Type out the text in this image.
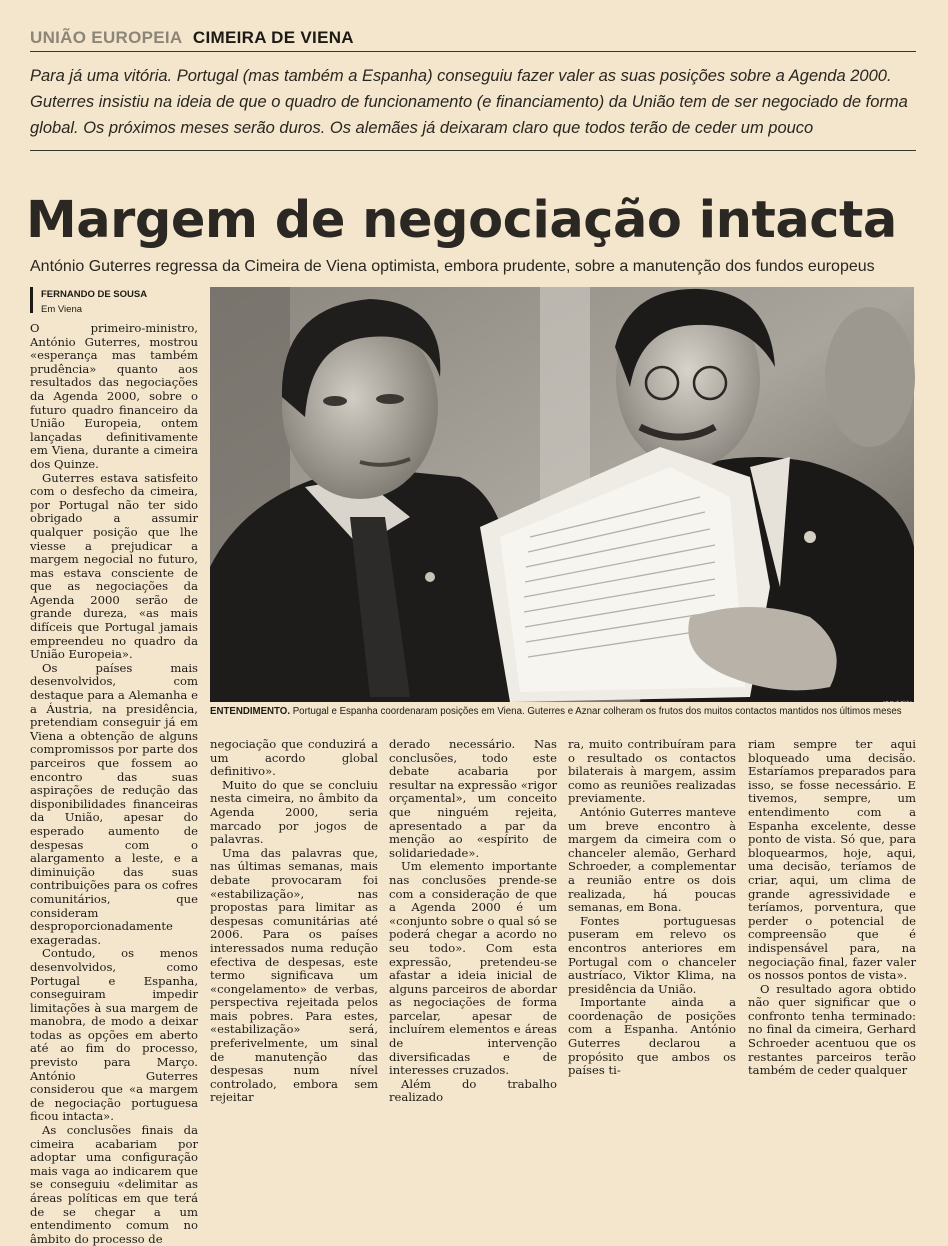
UNIÃO EUROPEIA CIMEIRA DE VIENA
Para já uma vitória. Portugal (mas também a Espanha) conseguiu fazer valer as suas posições sobre a Agenda 2000. Guterres insistiu na ideia de que o quadro de funcionamento (e financiamento) da União tem de ser negociado de forma global. Os próximos meses serão duros. Os alemães já deixaram claro que todos terão de ceder um pouco
Margem de negociação intacta
António Guterres regressa da Cimeira de Viena optimista, embora prudente, sobre a manutenção dos fundos europeus
FERNANDO DE SOUSA
Em Viena

O primeiro-ministro, António Guterres, mostrou «esperança mas também prudência» quanto aos resultados das negociações da Agenda 2000, sobre o futuro quadro financeiro da União Europeia, ontem lançadas definitivamente em Viena, durante a cimeira dos Quinze.

Guterres estava satisfeito com o desfecho da cimeira, por Portugal não ter sido obrigado a assumir qualquer posição que lhe viesse a prejudicar a margem negocial no futuro, mas estava consciente de que as negociações da Agenda 2000 serão de grande dureza, «as mais difíceis que Portugal jamais empreendeu no quadro da União Europeia».

Os países mais desenvolvidos, com destaque para a Alemanha e a Áustria, na presidência, pretendiam conseguir já em Viena a obtenção de alguns compromissos por parte dos parceiros que fossem ao encontro das suas aspirações de redução das disponibilidades financeiras da União, apesar do esperado aumento de despesas com o alargamento a leste, e a diminuição das suas contribuições para os cofres comunitários, que consideram desproporcionadamente exageradas.

Contudo, os menos desenvolvidos, como Portugal e Espanha, conseguiram impedir limitações à sua margem de manobra, de modo a deixar todas as opções em aberto até ao fim do processo, previsto para Março. António Guterres considerou que «a margem de negociação portuguesa ficou intacta».

As conclusões finais da cimeira acabariam por adoptar uma configuração mais vaga ao indicarem que se conseguiu «delimitar as áreas políticas em que terá de se chegar a um entendimento comum no âmbito do processo de

AP-Rudi Blaha
ENTENDIMENTO. Portugal e Espanha coordenaram posições em Viena. Guterres e Aznar colheram os frutos dos muitos contactos mantidos nos últimos meses

negociação que conduzirá a um acordo global definitivo».

Muito do que se concluiu nesta cimeira, no âmbito da Agenda 2000, seria marcado por jogos de palavras.

Uma das palavras que, nas últimas semanas, mais debate provocaram foi «estabilização», nas propostas para limitar as despesas comunitárias até 2006. Para os países interessados numa redução efectiva de despesas, este termo significava um «congelamento» de verbas, perspectiva rejeitada pelos mais pobres. Para estes, «estabilização» será, preferivelmente, um sinal de manutenção das despesas num nível controlado, embora sem rejeitar

derado necessário. Nas conclusões, todo este debate acabaria por resultar na expressão «rigor orçamental», um conceito que ninguém rejeita, apresentado a par da menção ao «espírito de solidariedade».

Um elemento importante nas conclusões prende-se com a consideração de que a Agenda 2000 é um «conjunto sobre o qual só se poderá chegar a acordo no seu todo». Com esta expressão, pretendeu-se afastar a ideia inicial de alguns parceiros de abordar as negociações de forma parcelar, apesar de incluírem elementos e áreas de intervenção diversificadas e de interesses cruzados.

Além do trabalho realizado

ra, muito contribuíram para o resultado os contactos bilaterais à margem, assim como as reuniões realizadas previamente.

António Guterres manteve um breve encontro à margem da cimeira com o chanceler alemão, Gerhard Schroeder, a complementar a reunião entre os dois realizada, há poucas semanas, em Bona.

Fontes portuguesas puseram em relevo os encontros anteriores em Portugal com o chanceler austríaco, Viktor Klima, na presidência da União.

Importante ainda a coordenação de posições com a Espanha. António Guterres declarou a propósito que ambos os países ti-

riam sempre ter aqui bloqueado uma decisão. Estaríamos preparados para isso, se fosse necessário. E tivemos, sempre, um entendimento com a Espanha excelente, desse ponto de vista. Só que, para bloquearmos, hoje, aqui, uma decisão, teríamos de criar, aqui, um clima de grande agressividade e teríamos, porventura, que perder o potencial de compreensão que é indispensável para, na negociação final, fazer valer os nossos pontos de vista».

O resultado agora obtido não quer significar que o confronto tenha terminado: no final da cimeira, Gerhard Schroeder acentuou que os restantes parceiros terão também de ceder qualquer
